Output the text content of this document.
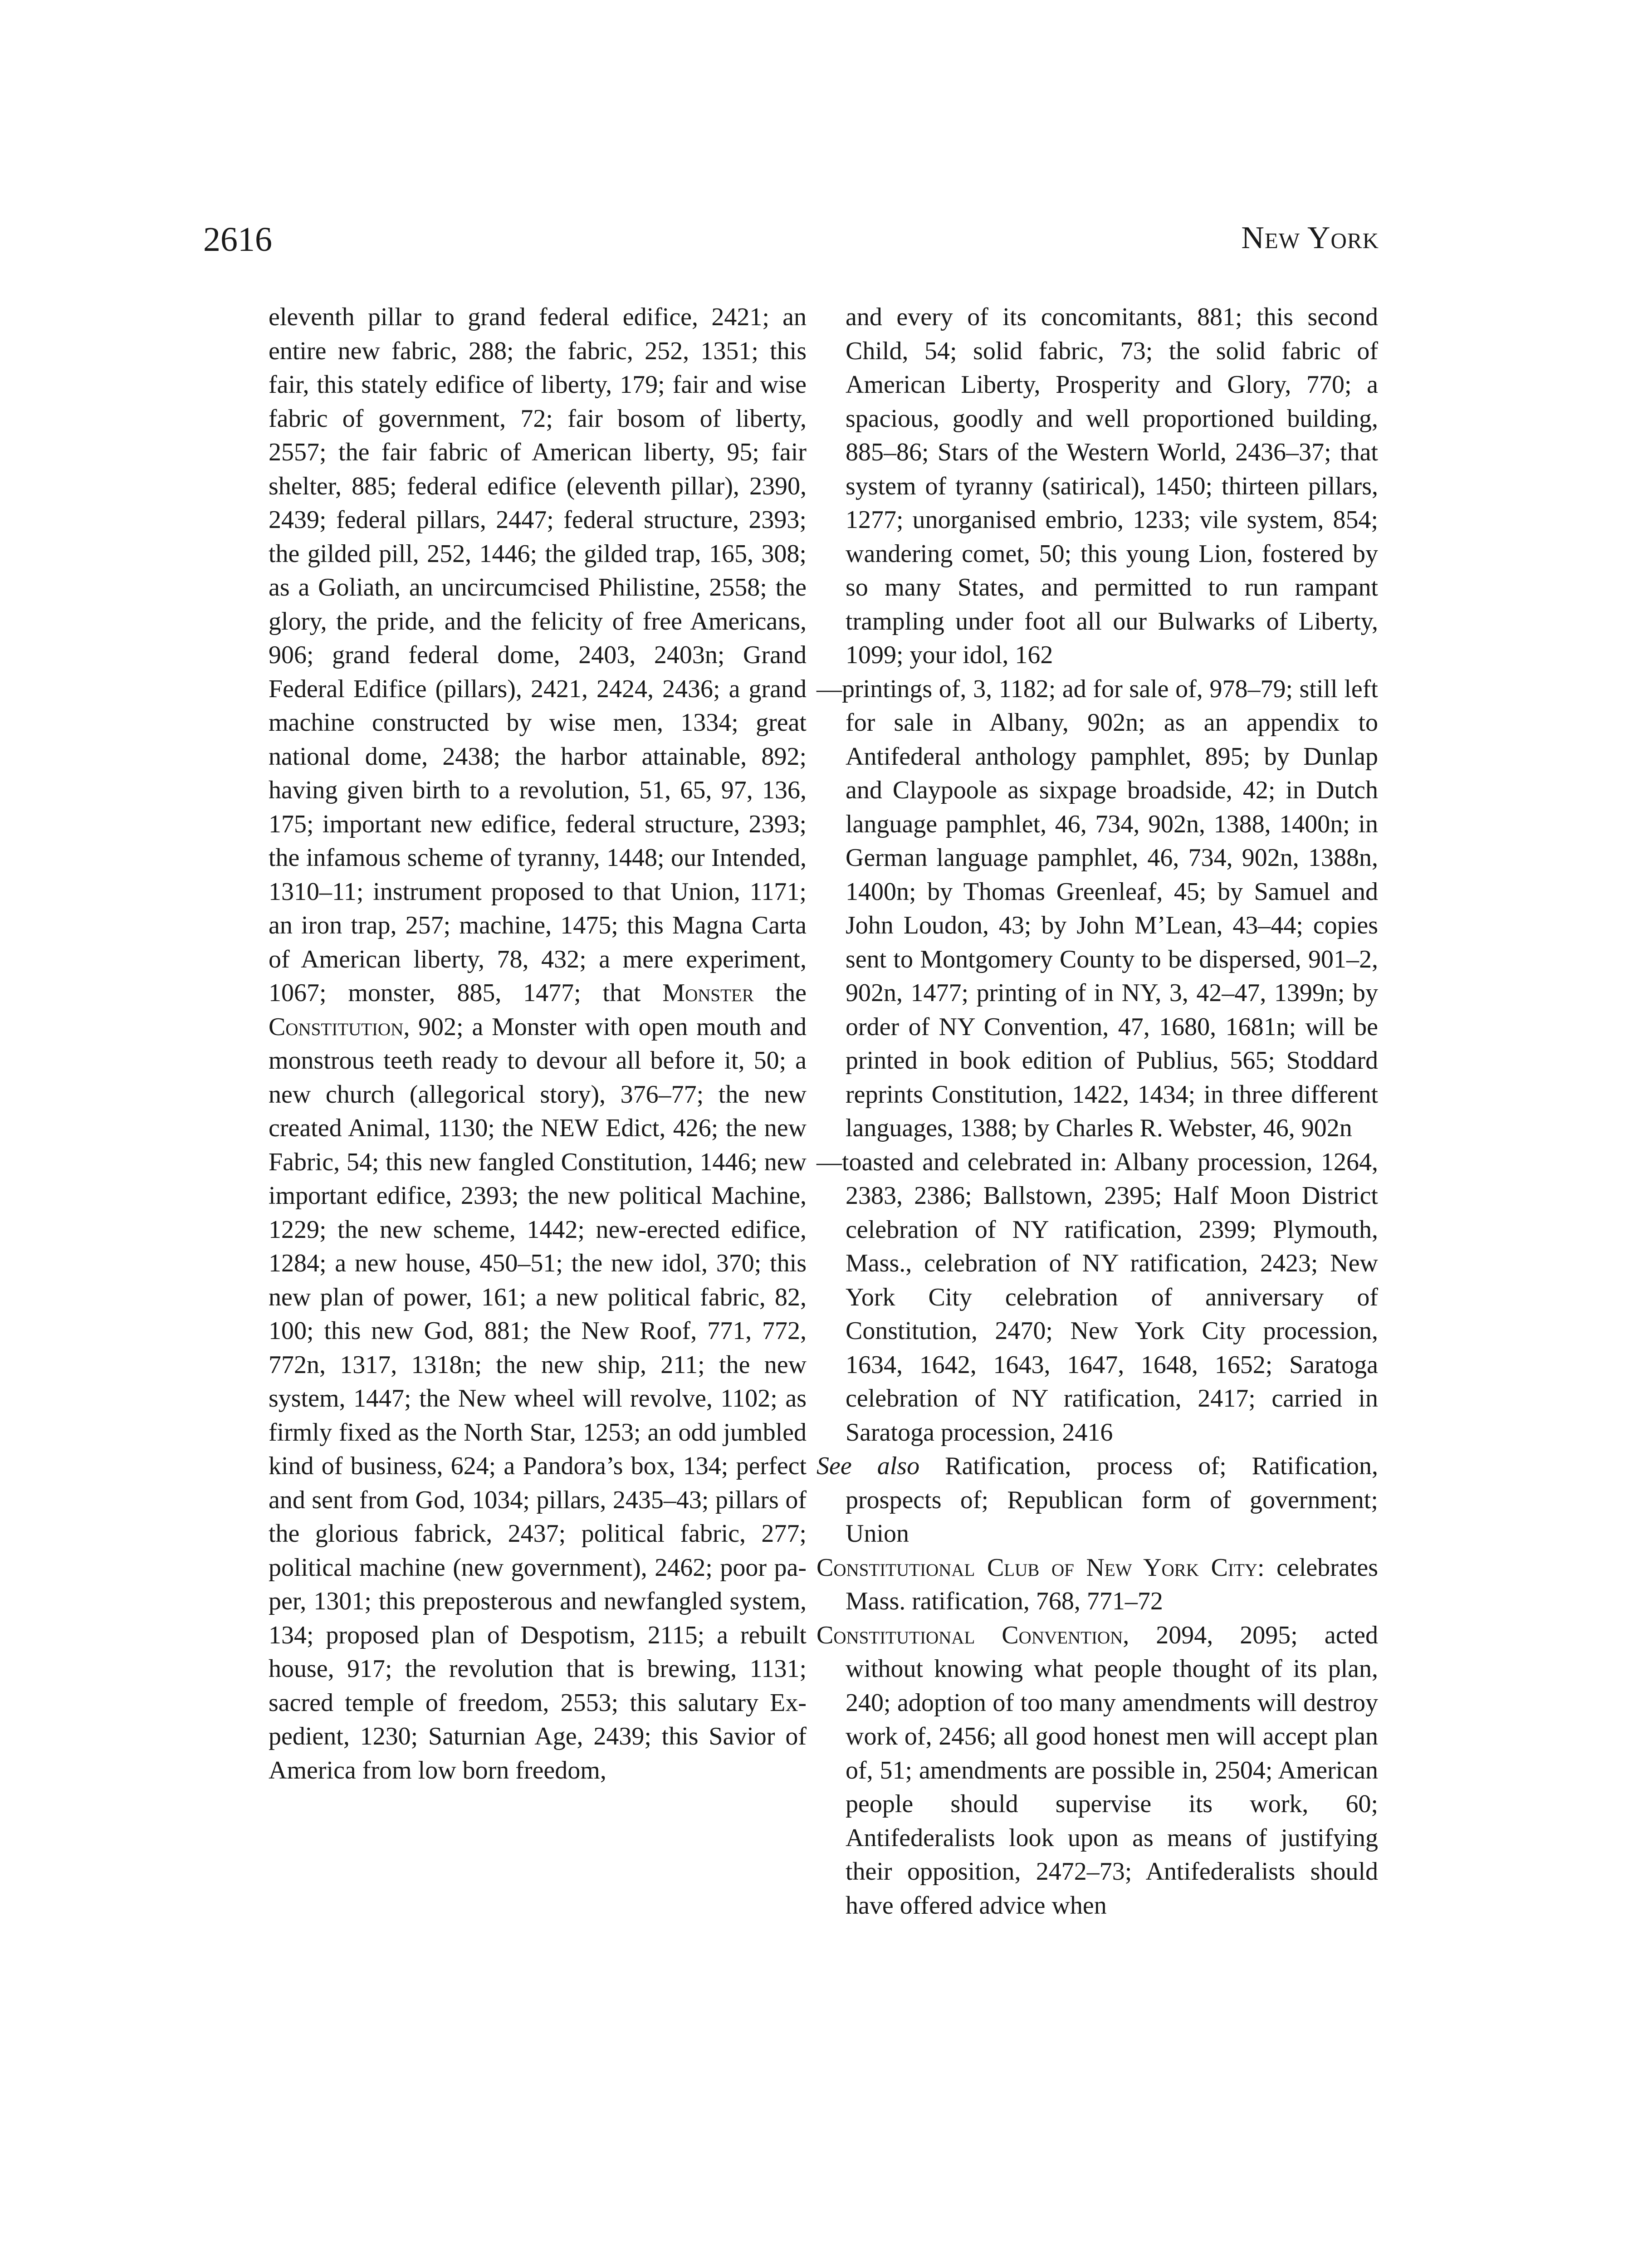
2616	New York

eleventh pillar to grand federal edifice, 2421; an entire new fabric, 288; the fabric, 252, 1351; this fair, this stately edifice of liberty, 179; fair and wise fabric of government, 72; fair bosom of liberty, 2557; the fair fabric of American liberty, 95; fair shelter, 885; federal edifice (eleventh pillar), 2390, 2439; federal pillars, 2447; federal structure, 2393; the gilded pill, 252, 1446; the gilded trap, 165, 308; as a Goliath, an uncircumcised Philistine, 2558; the glory, the pride, and the felicity of free Americans, 906; grand federal dome, 2403, 2403n; Grand Federal Edifice (pillars), 2421, 2424, 2436; a grand machine constructed by wise men, 1334; great national dome, 2438; the harbor attainable, 892; having given birth to a revolution, 51, 65, 97, 136, 175; important new edifice, federal structure, 2393; the infamous scheme of tyranny, 1448; our Intended, 1310–11; instrument proposed to that Union, 1171; an iron trap, 257; machine, 1475; this Magna Carta of American liberty, 78, 432; a mere experiment, 1067; monster, 885, 1477; that Monster the Constitution, 902; a Monster with open mouth and monstrous teeth ready to devour all before it, 50; a new church (allegorical story), 376–77; the new created Animal, 1130; the NEW Edict, 426; the new Fabric, 54; this new fangled Constitution, 1446; new important edifice, 2393; the new political Machine, 1229; the new scheme, 1442; new-erected edifice, 1284; a new house, 450–51; the new idol, 370; this new plan of power, 161; a new political fabric, 82, 100; this new God, 881; the New Roof, 771, 772, 772n, 1317, 1318n; the new ship, 211; the new system, 1447; the New wheel will revolve, 1102; as firmly fixed as the North Star, 1253; an odd jumbled kind of business, 624; a Pandora’s box, 134; perfect and sent from God, 1034; pillars, 2435–43; pillars of the glorious fabrick, 2437; political fabric, 277; political machine (new government), 2462; poor paper, 1301; this preposterous and newfangled system, 134; proposed plan of Despotism, 2115; a rebuilt house, 917; the revolution that is brewing, 1131; sacred temple of freedom, 2553; this salutary Expedient, 1230; Saturnian Age, 2439; this Savior of America from low born freedom,

and every of its concomitants, 881; this second Child, 54; solid fabric, 73; the solid fabric of American Liberty, Prosperity and Glory, 770; a spacious, goodly and well proportioned building, 885–86; Stars of the Western World, 2436–37; that system of tyranny (satirical), 1450; thirteen pillars, 1277; unorganised embrio, 1233; vile system, 854; wandering comet, 50; this young Lion, fostered by so many States, and permitted to run rampant trampling under foot all our Bulwarks of Liberty, 1099; your idol, 162

—printings of, 3, 1182; ad for sale of, 978–79; still left for sale in Albany, 902n; as an appendix to Antifederal anthology pamphlet, 895; by Dunlap and Claypoole as sixpage broadside, 42; in Dutch language pamphlet, 46, 734, 902n, 1388, 1400n; in German language pamphlet, 46, 734, 902n, 1388n, 1400n; by Thomas Greenleaf, 45; by Samuel and John Loudon, 43; by John M’Lean, 43–44; copies sent to Montgomery County to be dispersed, 901–2, 902n, 1477; printing of in NY, 3, 42–47, 1399n; by order of NY Convention, 47, 1680, 1681n; will be printed in book edition of Publius, 565; Stoddard reprints Constitution, 1422, 1434; in three different languages, 1388; by Charles R. Webster, 46, 902n

—toasted and celebrated in: Albany procession, 1264, 2383, 2386; Ballstown, 2395; Half Moon District celebration of NY ratification, 2399; Plymouth, Mass., celebration of NY ratification, 2423; New York City celebration of anniversary of Constitution, 2470; New York City procession, 1634, 1642, 1643, 1647, 1648, 1652; Saratoga celebration of NY ratification, 2417; carried in Saratoga procession, 2416

See also Ratification, process of; Ratification, prospects of; Republican form of government; Union

Constitutional Club of New York City: celebrates Mass. ratification, 768, 771–72

Constitutional Convention, 2094, 2095; acted without knowing what people thought of its plan, 240; adoption of too many amendments will destroy work of, 2456; all good honest men will accept plan of, 51; amendments are possible in, 2504; American people should supervise its work, 60; Antifederalists look upon as means of justifying their opposition, 2472–73; Antifederalists should have offered advice when
